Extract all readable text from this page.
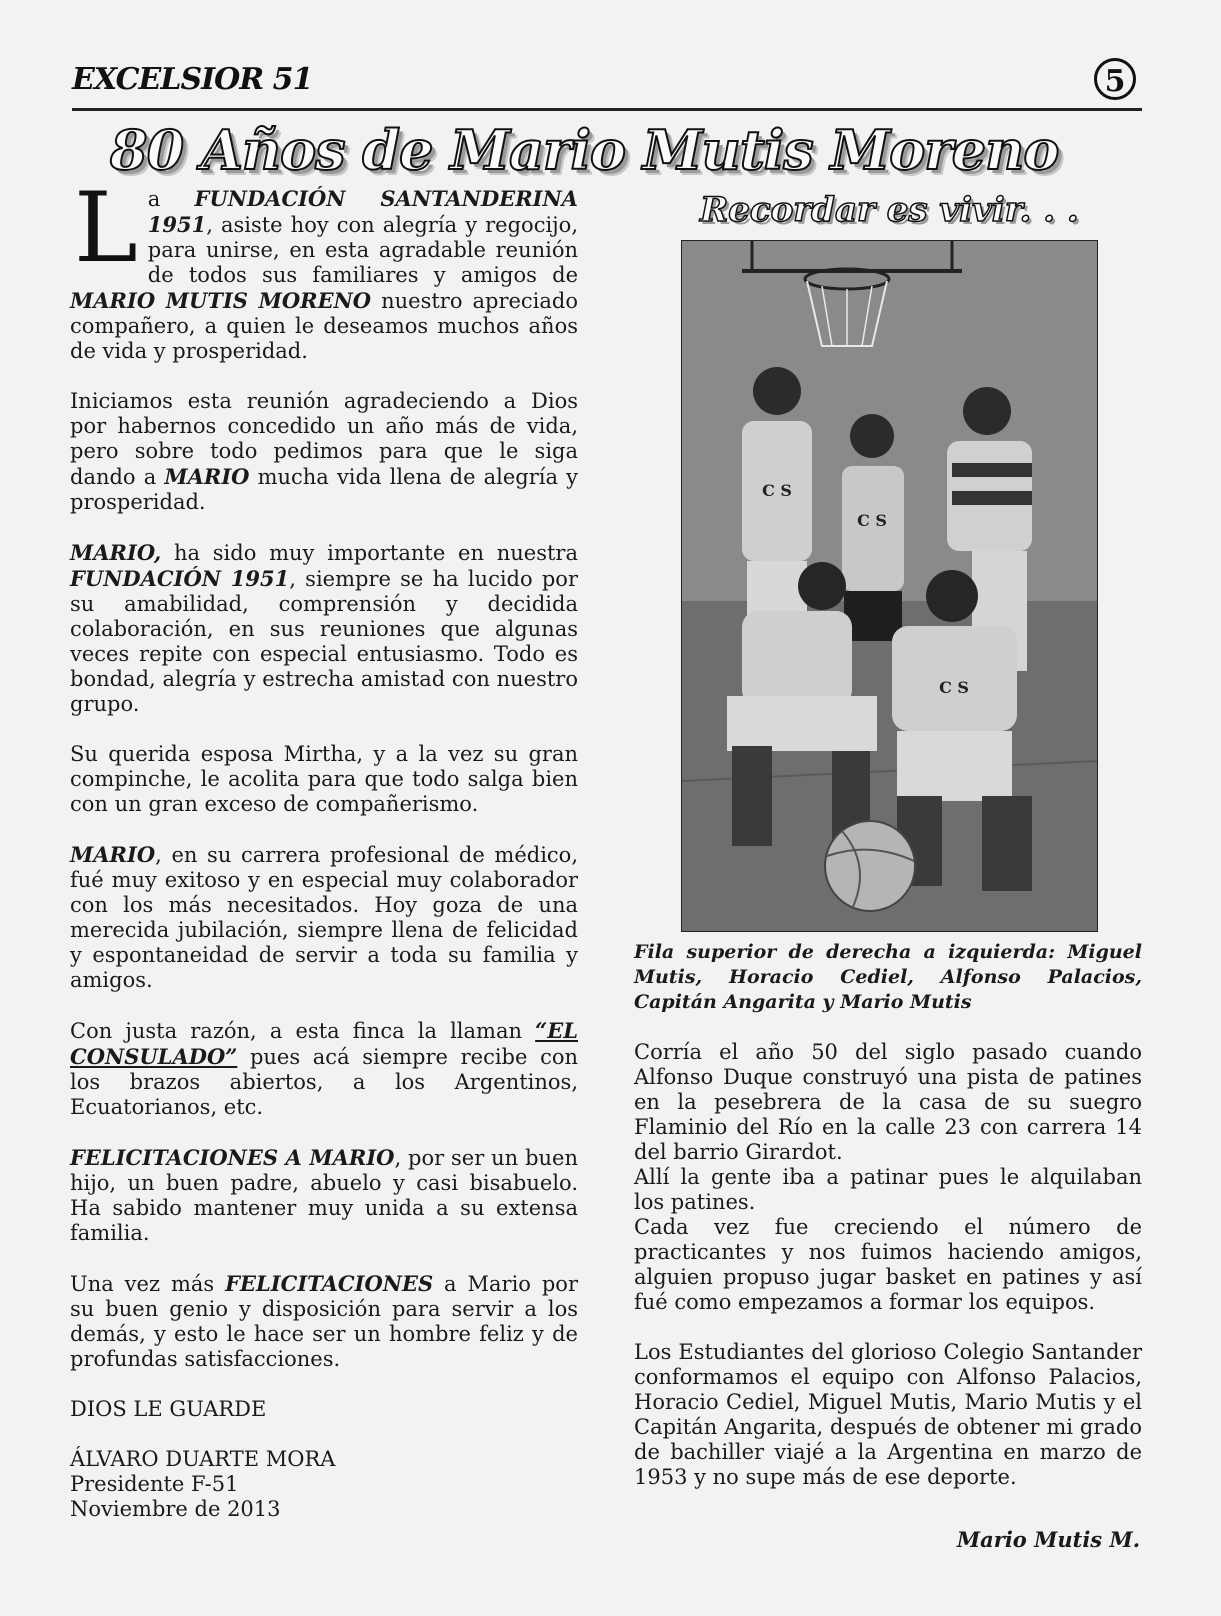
EXCELSIOR 51	5
80 Años de Mario Mutis Moreno
Recordar es vivir. . .

La FUNDACIÓN SANTANDERINA 1951, asiste hoy con alegría y regocijo, para unirse, en esta agradable reunión de todos sus familiares y amigos de MARIO MUTIS MORENO nuestro apreciado compañero, a quien le deseamos muchos años de vida y prosperidad.

Iniciamos esta reunión agradeciendo a Dios por habernos concedido un año más de vida, pero sobre todo pedimos para que le siga dando a MARIO mucha vida llena de alegría y prosperidad.

MARIO, ha sido muy importante en nuestra FUNDACIÓN 1951, siempre se ha lucido por su amabilidad, comprensión y decidida colaboración, en sus reuniones que algunas veces repite con especial entusiasmo. Todo es bondad, alegría y estrecha amistad con nuestro grupo.

Su querida esposa Mirtha, y a la vez su gran compinche, le acolita para que todo salga bien con un gran exceso de compañerismo.

MARIO, en su carrera profesional de médico, fué muy exitoso y en especial muy colaborador con los más necesitados. Hoy goza de una merecida jubilación, siempre llena de felicidad y espontaneidad de servir a toda su familia y amigos.

Con justa razón, a esta finca la llaman “EL CONSULADO” pues acá siempre recibe con los brazos abiertos, a los Argentinos, Ecuatorianos, etc.

FELICITACIONES A MARIO, por ser un buen hijo, un buen padre, abuelo y casi bisabuelo. Ha sabido mantener muy unida a su extensa familia.

Una vez más FELICITACIONES a Mario por su buen genio y disposición para servir a los demás, y esto le hace ser un hombre feliz y de profundas satisfacciones.

DIOS LE GUARDE

ÁLVARO DUARTE MORA

Presidente F-51

Noviembre de 2013

C S
C S
C S
Fila superior de derecha a izquierda: Miguel Mutis, Horacio Cediel, Alfonso Palacios, Capitán Angarita y Mario Mutis

Corría el año 50 del siglo pasado cuando Alfonso Duque construyó una pista de patines en la pesebrera de la casa de su suegro Flaminio del Río en la calle 23 con carrera 14 del barrio Girardot.

Allí la gente iba a patinar pues le alquilaban los patines.

Cada vez fue creciendo el número de practicantes y nos fuimos haciendo amigos, alguien propuso jugar basket en patines y así fué como empezamos a formar los equipos.

Los Estudiantes del glorioso Colegio Santander conformamos el equipo con Alfonso Palacios, Horacio Cediel, Miguel Mutis, Mario Mutis y el Capitán Angarita, después de obtener mi grado de bachiller viajé a la Argentina en marzo de 1953 y no supe más de ese deporte.

Mario Mutis M.
